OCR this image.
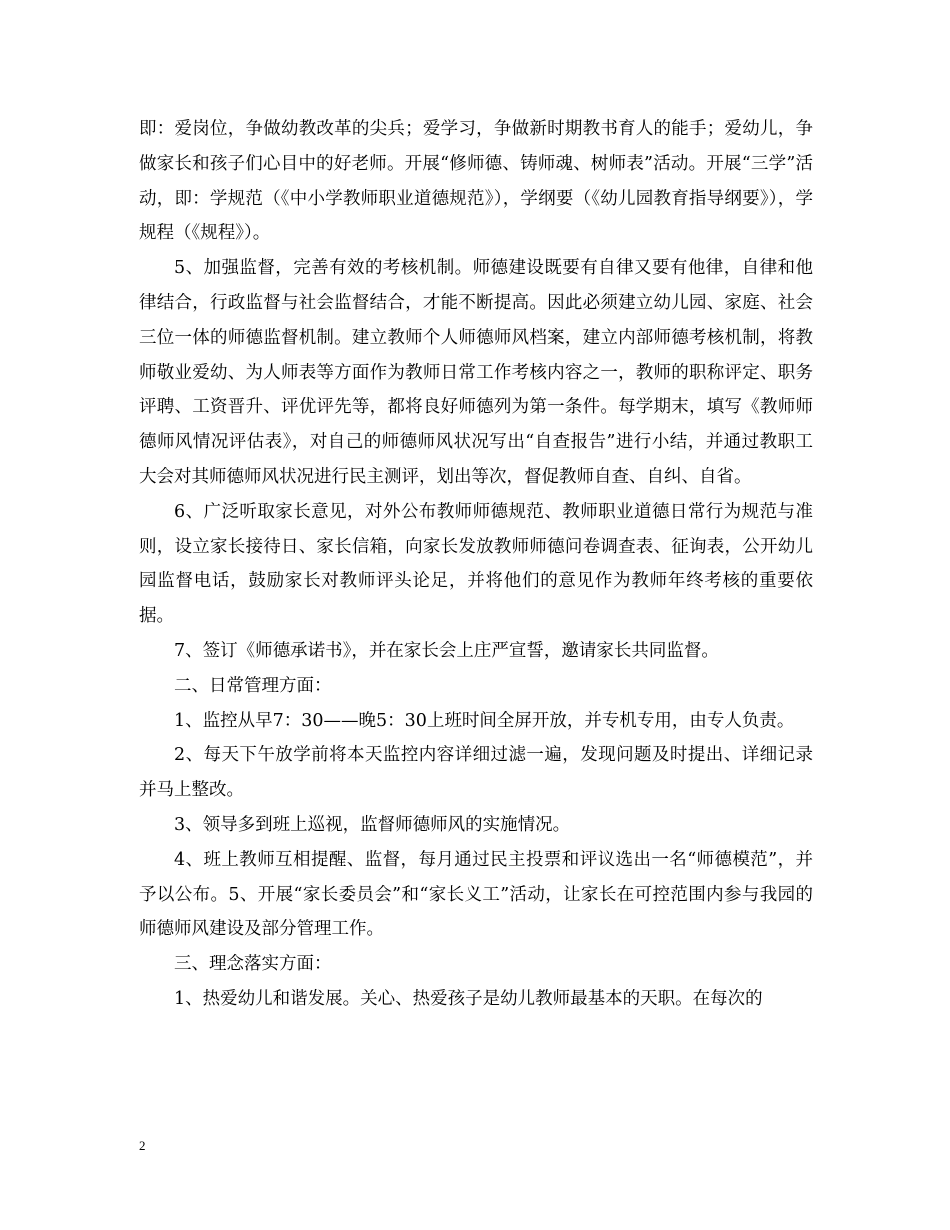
即：爱岗位，争做幼教改革的尖兵；爱学习，争做新时期教书育人的能手；爱幼儿，争做家长和孩子们心目中的好老师。开展“修师德、铸师魂、树师表”活动。开展“三学”活动，即：学规范（《中小学教师职业道德规范》），学纲要（《幼儿园教育指导纲要》），学规程（《规程》）。

5、加强监督，完善有效的考核机制。师德建设既要有自律又要有他律，自律和他律结合，行政监督与社会监督结合，才能不断提高。因此必须建立幼儿园、家庭、社会三位一体的师德监督机制。建立教师个人师德师风档案，建立内部师德考核机制，将教师敬业爱幼、为人师表等方面作为教师日常工作考核内容之一，教师的职称评定、职务评聘、工资晋升、评优评先等，都将良好师德列为第一条件。每学期末，填写《教师师德师风情况评估表》，对自己的师德师风状况写出“自查报告”进行小结，并通过教职工大会对其师德师风状况进行民主测评，划出等次，督促教师自查、自纠、自省。

6、广泛听取家长意见，对外公布教师师德规范、教师职业道德日常行为规范与准则，设立家长接待日、家长信箱，向家长发放教师师德问卷调查表、征询表，公开幼儿园监督电话，鼓励家长对教师评头论足，并将他们的意见作为教师年终考核的重要依据。

7、签订《师德承诺书》，并在家长会上庄严宣誓，邀请家长共同监督。

二、日常管理方面：

1、监控从早7：30——晚5：30上班时间全屏开放，并专机专用，由专人负责。

2、每天下午放学前将本天监控内容详细过滤一遍，发现问题及时提出、详细记录并马上整改。

3、领导多到班上巡视，监督师德师风的实施情况。

4、班上教师互相提醒、监督，每月通过民主投票和评议选出一名“师德模范”，并予以公布。5、开展“家长委员会”和“家长义工”活动，让家长在可控范围内参与我园的师德师风建设及部分管理工作。

三、理念落实方面：

1、热爱幼儿和谐发展。关心、热爱孩子是幼儿教师最基本的天职。在每次的

2
